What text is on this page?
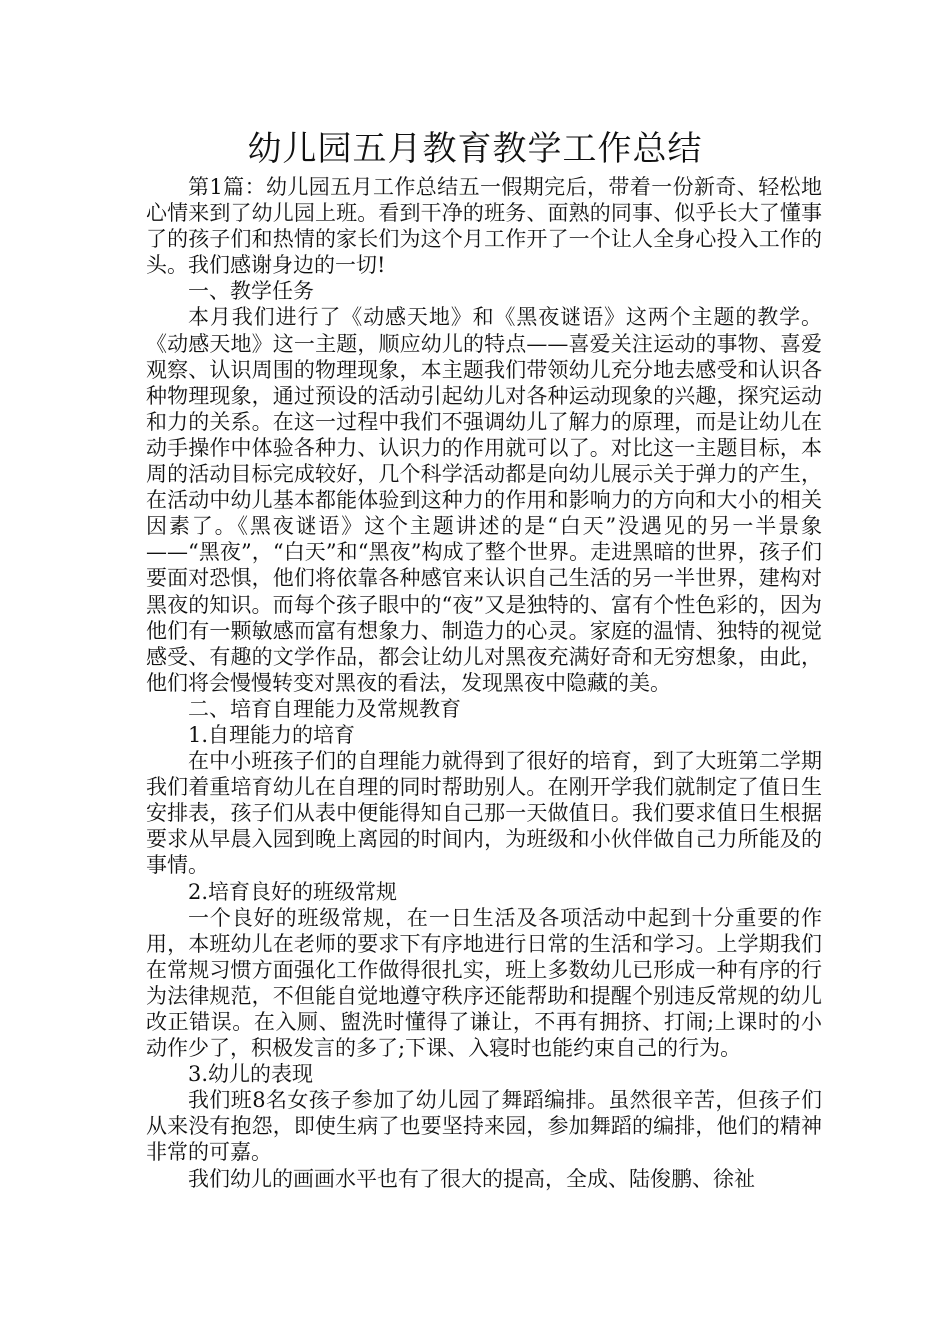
幼儿园五月教育教学工作总结

第1篇：幼儿园五月工作总结五一假期完后，带着一份新奇、轻松地心情来到了幼儿园上班。看到干净的班务、面熟的同事、似乎长大了懂事了的孩子们和热情的家长们为这个月工作开了一个让人全身心投入工作的头。我们感谢身边的一切!

一、教学任务

本月我们进行了《动感天地》和《黑夜谜语》这两个主题的教学。《动感天地》这一主题，顺应幼儿的特点——喜爱关注运动的事物、喜爱观察、认识周围的物理现象，本主题我们带领幼儿充分地去感受和认识各种物理现象，通过预设的活动引起幼儿对各种运动现象的兴趣，探究运动和力的关系。在这一过程中我们不强调幼儿了解力的原理，而是让幼儿在动手操作中体验各种力、认识力的作用就可以了。对比这一主题目标，本周的活动目标完成较好，几个科学活动都是向幼儿展示关于弹力的产生，在活动中幼儿基本都能体验到这种力的作用和影响力的方向和大小的相关因素了。《黑夜谜语》这个主题讲述的是“白天”没遇见的另一半景象——“黑夜”，“白天”和“黑夜”构成了整个世界。走进黑暗的世界，孩子们要面对恐惧，他们将依靠各种感官来认识自己生活的另一半世界，建构对黑夜的知识。而每个孩子眼中的“夜”又是独特的、富有个性色彩的，因为他们有一颗敏感而富有想象力、制造力的心灵。家庭的温情、独特的视觉感受、有趣的文学作品，都会让幼儿对黑夜充满好奇和无穷想象，由此，他们将会慢慢转变对黑夜的看法，发现黑夜中隐藏的美。

二、培育自理能力及常规教育

1.自理能力的培育

在中小班孩子们的自理能力就得到了很好的培育，到了大班第二学期我们着重培育幼儿在自理的同时帮助别人。在刚开学我们就制定了值日生安排表，孩子们从表中便能得知自己那一天做值日。我们要求值日生根据要求从早晨入园到晚上离园的时间内，为班级和小伙伴做自己力所能及的事情。

2.培育良好的班级常规

一个良好的班级常规，在一日生活及各项活动中起到十分重要的作用，本班幼儿在老师的要求下有序地进行日常的生活和学习。上学期我们在常规习惯方面强化工作做得很扎实，班上多数幼儿已形成一种有序的行为法律规范，不但能自觉地遵守秩序还能帮助和提醒个别违反常规的幼儿改正错误。在入厕、盥洗时懂得了谦让，不再有拥挤、打闹;上课时的小动作少了，积极发言的多了;下课、入寝时也能约束自己的行为。

3.幼儿的表现

我们班8名女孩子参加了幼儿园了舞蹈编排。虽然很辛苦，但孩子们从来没有抱怨，即使生病了也要坚持来园，参加舞蹈的编排，他们的精神非常的可嘉。

我们幼儿的画画水平也有了很大的提高，全成、陆俊鹏、徐祉
